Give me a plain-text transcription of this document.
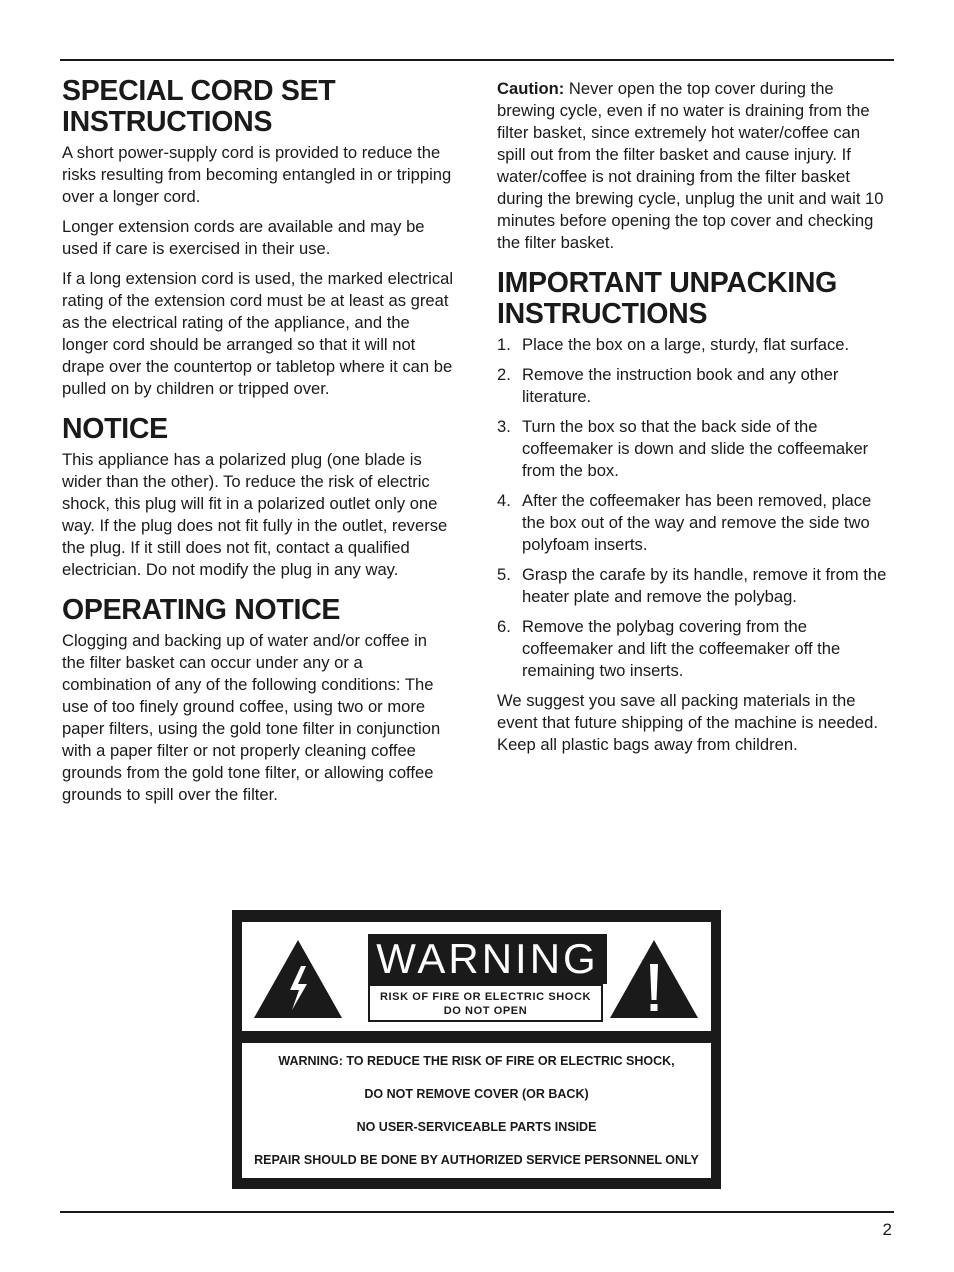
SPECIAL CORD SET INSTRUCTIONS

A short power-supply cord is provided to reduce the risks resulting from becoming entangled in or tripping over a longer cord.

Longer extension cords are available and may be used if care is exercised in their use.

If a long extension cord is used, the marked electrical rating of the extension cord must be at least as great as the electrical rating of the appliance, and the longer cord should be arranged so that it will not drape over the countertop or tabletop where it can be pulled on by children or tripped over.

NOTICE

This appliance has a polarized plug (one blade is wider than the other). To reduce the risk of electric shock, this plug will fit in a polarized outlet only one way. If the plug does not fit fully in the outlet, reverse the plug. If it still does not fit, contact a qualified electrician. Do not modify the plug in any way.

OPERATING NOTICE

Clogging and backing up of water and/or coffee in the filter basket can occur under any or a combination of any of the following conditions: The use of too finely ground coffee, using two or more paper filters, using the gold tone filter in conjunction with a paper filter or not properly cleaning coffee grounds from the gold tone filter, or allowing coffee grounds to spill over the filter.

Caution: Never open the top cover during the brewing cycle, even if no water is draining from the filter basket, since extremely hot water/coffee can spill out from the filter basket and cause injury. If water/coffee is not draining from the filter basket during the brewing cycle, unplug the unit and wait 10 minutes before opening the top cover and checking the filter basket.

IMPORTANT UNPACKING INSTRUCTIONS
1. Place the box on a large, sturdy, flat surface.
2. Remove the instruction book and any other literature.
3. Turn the box so that the back side of the coffeemaker is down and slide the coffeemaker from the box.
4. After the coffeemaker has been removed, place the box out of the way and remove the side two polyfoam inserts.
5. Grasp the carafe by its handle, remove it from the heater plate and remove the polybag.
6. Remove the polybag covering from the coffeemaker and lift the coffeemaker off the remaining two inserts.

We suggest you save all packing materials in the event that future shipping of the machine is needed. Keep all plastic bags away from children.

WARNING
RISK OF FIRE OR ELECTRIC SHOCK
DO NOT OPEN
WARNING: TO REDUCE THE RISK OF FIRE OR ELECTRIC SHOCK,
DO NOT REMOVE COVER (OR BACK)
NO USER-SERVICEABLE PARTS INSIDE
REPAIR SHOULD BE DONE BY AUTHORIZED SERVICE PERSONNEL ONLY
2
